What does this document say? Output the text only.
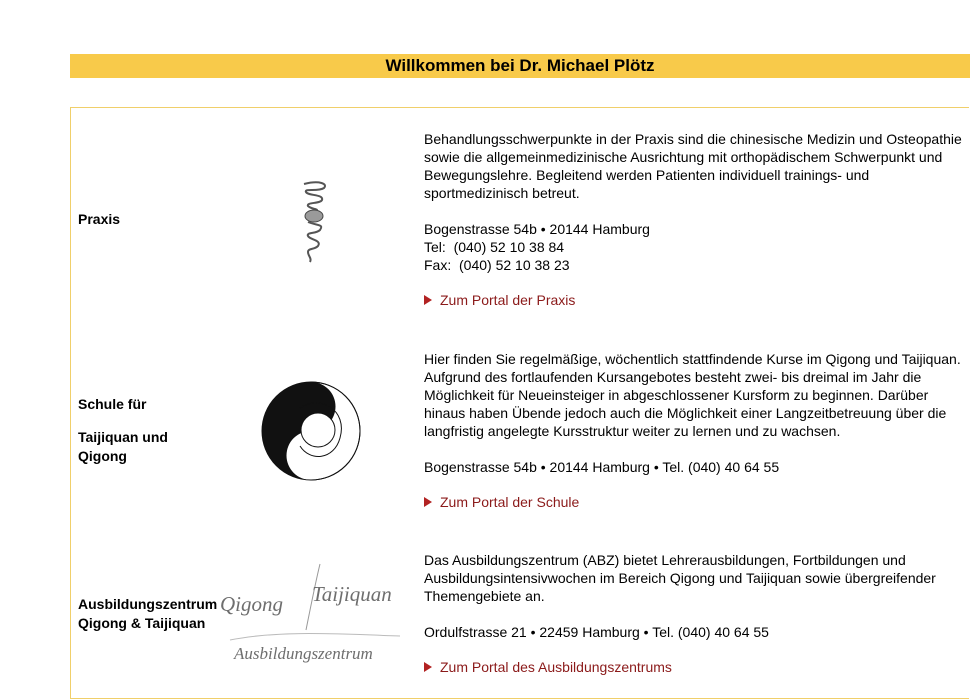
Willkommen bei Dr. Michael Plötz
Praxis

Behandlungsschwerpunkte in der Praxis sind die chinesische Medizin und Osteopathie sowie die allgemeinmedizinische Ausrichtung mit orthopädischem Schwerpunkt und Bewegungslehre. Begleitend werden Patienten individuell trainings- und sportmedizinisch betreut.

Bogenstrasse 54b • 20144 Hamburg

Tel:  (040) 52 10 38 84

Fax:  (040) 52 10 38 23

Zum Portal der Praxis
Schule für
Taijiquan und Qigong

Hier finden Sie regelmäßige, wöchentlich stattfindende Kurse im Qigong und Taijiquan. Aufgrund des fortlaufenden Kursangebotes besteht zwei- bis dreimal im Jahr die Möglichkeit für Neueinsteiger in abgeschlossener Kursform zu beginnen. Darüber hinaus haben Übende jedoch auch die Möglichkeit einer Langzeitbetreuung über die langfristig angelegte Kursstruktur weiter zu lernen und zu wachsen.

Bogenstrasse 54b • 20144 Hamburg • Tel. (040) 40 64 55

Zum Portal der Schule
Ausbildungszentrum Qigong & Taijiquan
Qigong Taijiquan
Ausbildungszentrum

Das Ausbildungszentrum (ABZ) bietet Lehrerausbildungen, Fortbildungen und Ausbildungsintensivwochen im Bereich Qigong und Taijiquan sowie übergreifender Themengebiete an.

Ordulfstrasse 21 • 22459 Hamburg • Tel. (040) 40 64 55

Zum Portal des Ausbildungszentrums
